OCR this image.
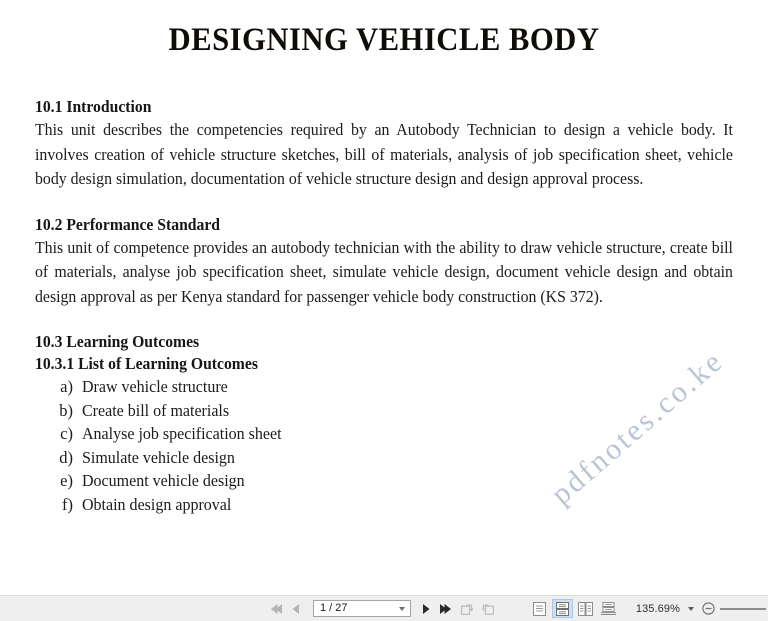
DESIGNING VEHICLE BODY
10.1 Introduction

This unit describes the competencies required by an Autobody Technician to design a vehicle body. It involves creation of vehicle structure sketches, bill of materials, analysis of job specification sheet, vehicle body design simulation, documentation of vehicle structure design and design approval process.

10.2 Performance Standard

This unit of competence provides an autobody technician with the ability to draw vehicle structure, create bill of materials, analyse job specification sheet, simulate vehicle design, document vehicle design and obtain design approval as per Kenya standard for passenger vehicle body construction (KS 372).

10.3 Learning Outcomes
10.3.1 List of Learning Outcomes
a) Draw vehicle structure
b) Create bill of materials
c) Analyse job specification sheet
d) Simulate vehicle design
e) Document vehicle design
f) Obtain design approval	pdfnotes.co.ke
1 / 27	135.69%
